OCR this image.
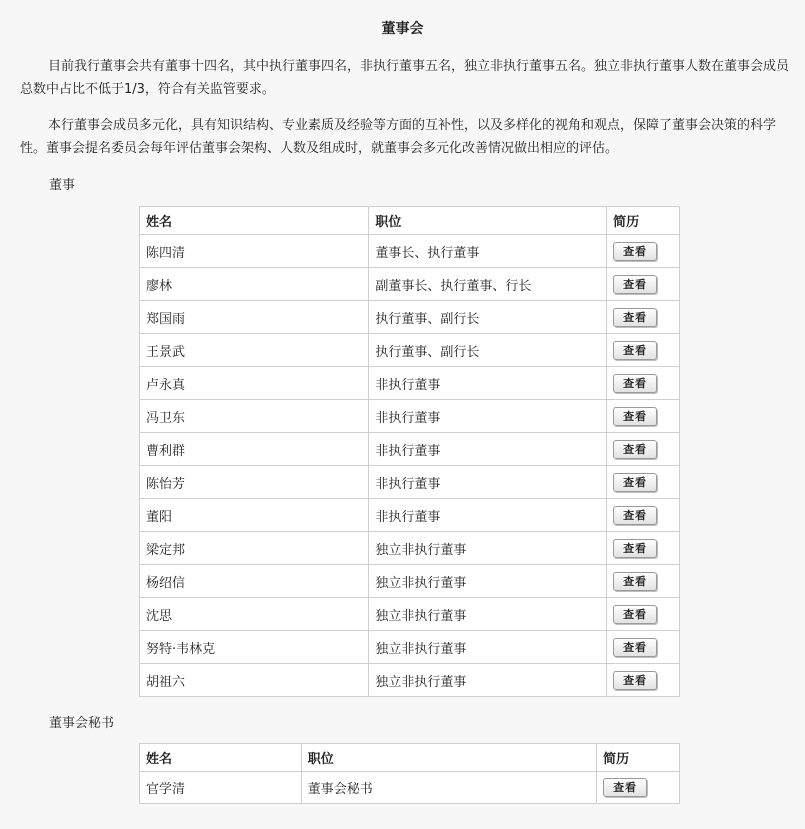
董事会

目前我行董事会共有董事十四名，其中执行董事四名，非执行董事五名，独立非执行董事五名。独立非执行董事人数在董事会成员总数中占比不低于1/3，符合有关监管要求。

本行董事会成员多元化，具有知识结构、专业素质及经验等方面的互补性，以及多样化的视角和观点，保障了董事会决策的科学性。董事会提名委员会每年评估董事会架构、人数及组成时，就董事会多元化改善情况做出相应的评估。

董事
姓名	职位	简历
陈四清	董事长、执行董事	查看
廖林	副董事长、执行董事、行长	查看
郑国雨	执行董事、副行长	查看
王景武	执行董事、副行长	查看
卢永真	非执行董事	查看
冯卫东	非执行董事	查看
曹利群	非执行董事	查看
陈怡芳	非执行董事	查看
董阳	非执行董事	查看
梁定邦	独立非执行董事	查看
杨绍信	独立非执行董事	查看
沈思	独立非执行董事	查看
努特·韦林克	独立非执行董事	查看
胡祖六	独立非执行董事	查看
董事会秘书
姓名	职位	简历
官学清	董事会秘书	查看
